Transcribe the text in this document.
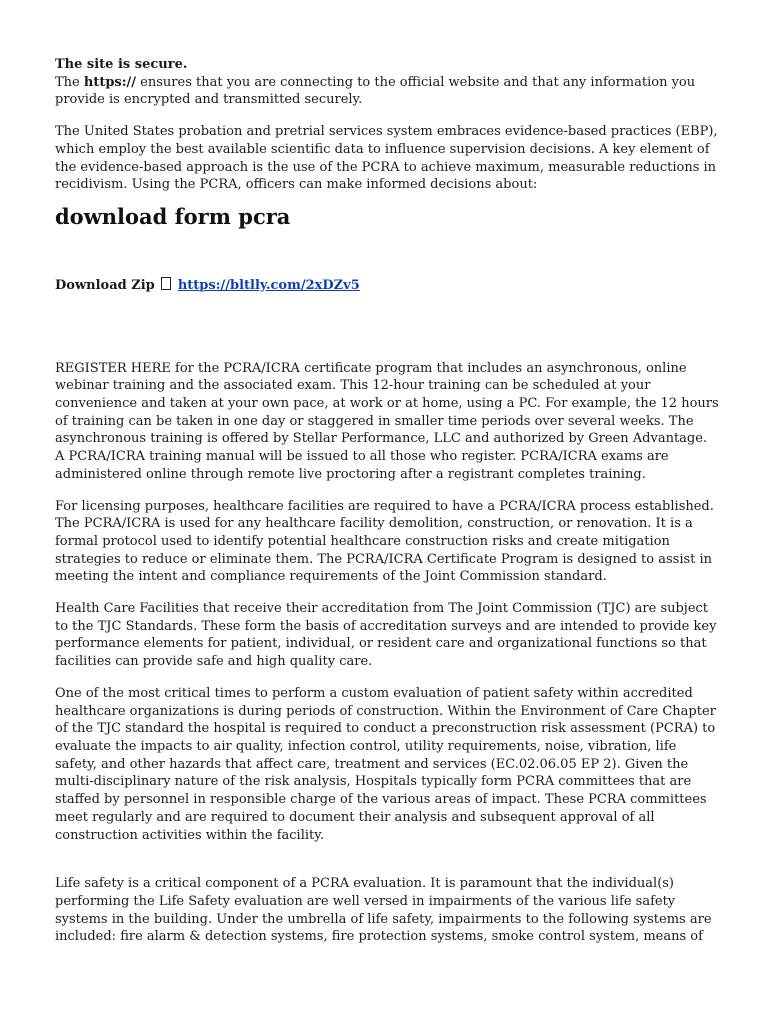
The site is secure.

The https:// ensures that you are connecting to the official website and that any information you provide is encrypted and transmitted securely.

The United States probation and pretrial services system embraces evidence-based practices (EBP), which employ the best available scientific data to influence supervision decisions. A key element of the evidence-based approach is the use of the PCRA to achieve maximum, measurable reductions in recidivism. Using the PCRA, officers can make informed decisions about:

download form pcra

Download Zip https://bltlly.com/2xDZv5

REGISTER HERE for the PCRA/ICRA certificate program that includes an asynchronous, online webinar training and the associated exam. This 12-hour training can be scheduled at your convenience and taken at your own pace, at work or at home, using a PC. For example, the 12 hours of training can be taken in one day or staggered in smaller time periods over several weeks. The asynchronous training is offered by Stellar Performance, LLC and authorized by Green Advantage. A PCRA/ICRA training manual will be issued to all those who register. PCRA/ICRA exams are administered online through remote live proctoring after a registrant completes training.

For licensing purposes, healthcare facilities are required to have a PCRA/ICRA process established. The PCRA/ICRA is used for any healthcare facility demolition, construction, or renovation. It is a formal protocol used to identify potential healthcare construction risks and create mitigation strategies to reduce or eliminate them. The PCRA/ICRA Certificate Program is designed to assist in meeting the intent and compliance requirements of the Joint Commission standard.

Health Care Facilities that receive their accreditation from The Joint Commission (TJC) are subject to the TJC Standards. These form the basis of accreditation surveys and are intended to provide key performance elements for patient, individual, or resident care and organizational functions so that facilities can provide safe and high quality care.

One of the most critical times to perform a custom evaluation of patient safety within accredited healthcare organizations is during periods of construction. Within the Environment of Care Chapter of the TJC standard the hospital is required to conduct a preconstruction risk assessment (PCRA) to evaluate the impacts to air quality, infection control, utility requirements, noise, vibration, life safety, and other hazards that affect care, treatment and services (EC.02.06.05 EP 2). Given the multi-disciplinary nature of the risk analysis, Hospitals typically form PCRA committees that are staffed by personnel in responsible charge of the various areas of impact. These PCRA committees meet regularly and are required to document their analysis and subsequent approval of all construction activities within the facility.

Life safety is a critical component of a PCRA evaluation. It is paramount that the individual(s) performing the Life Safety evaluation are well versed in impairments of the various life safety systems in the building. Under the umbrella of life safety, impairments to the following systems are included: fire alarm & detection systems, fire protection systems, smoke control system, means of
